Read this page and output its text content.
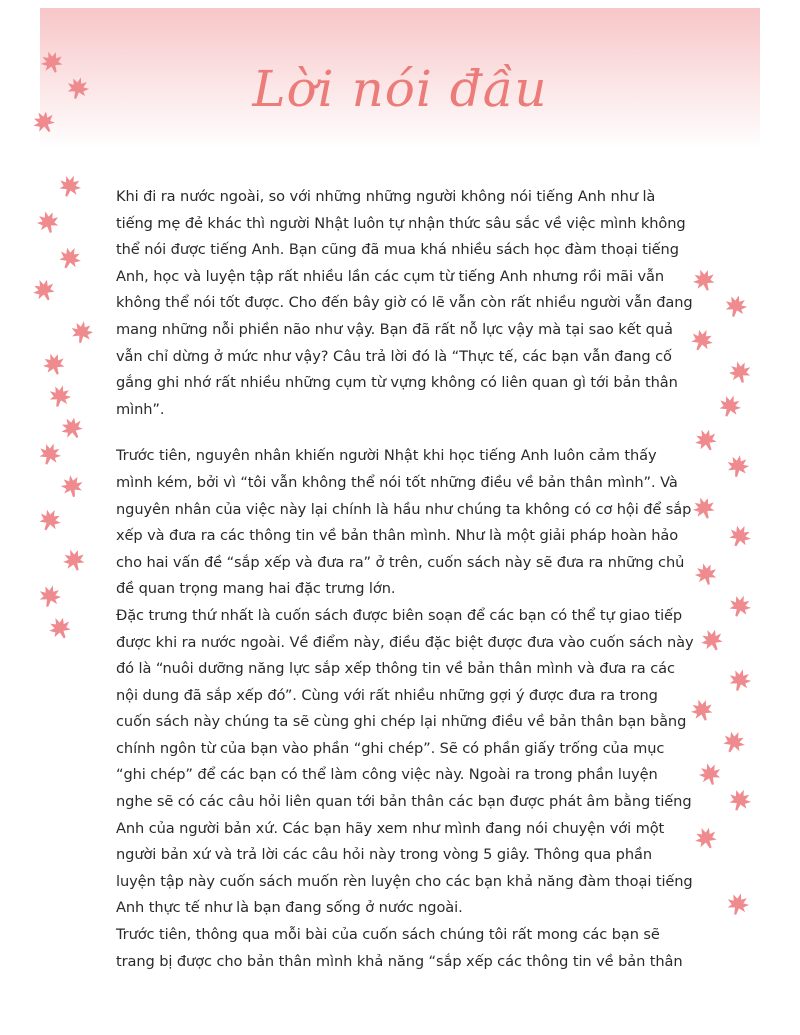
Lời nói đầu

Khi đi ra nước ngoài, so với những những người không nói tiếng Anh như là tiếng mẹ đẻ khác thì người Nhật luôn tự nhận thức sâu sắc về việc mình không thể nói được tiếng Anh. Bạn cũng đã mua khá nhiều sách học đàm thoại tiếng Anh, học và luyện tập rất nhiều lần các cụm từ tiếng Anh nhưng rồi mãi vẫn không thể nói tốt được. Cho đến bây giờ có lẽ vẫn còn rất nhiều người vẫn đang mang những nỗi phiền não như vậy. Bạn đã rất nỗ lực vậy mà tại sao kết quả vẫn chỉ dừng ở mức như vậy? Câu trả lời đó là “Thực tế, các bạn vẫn đang cố gắng ghi nhớ rất nhiều những cụm từ vựng không có liên quan gì tới bản thân mình”.

Trước tiên, nguyên nhân khiến người Nhật khi học tiếng Anh luôn cảm thấy mình kém, bởi vì “tôi vẫn không thể nói tốt những điều về bản thân mình”. Và nguyên nhân của việc này lại chính là hầu như chúng ta không có cơ hội để sắp xếp và đưa ra các thông tin về bản thân mình. Như là một giải pháp hoàn hảo cho hai vấn đề “sắp xếp và đưa ra” ở trên, cuốn sách này sẽ đưa ra những chủ đề quan trọng mang hai đặc trưng lớn.

Đặc trưng thứ nhất là cuốn sách được biên soạn để các bạn có thể tự giao tiếp được khi ra nước ngoài. Về điểm này, điều đặc biệt được đưa vào cuốn sách này đó là “nuôi dưỡng năng lực sắp xếp thông tin về bản thân mình và đưa ra các nội dung đã sắp xếp đó”. Cùng với rất nhiều những gợi ý được đưa ra trong cuốn sách này chúng ta sẽ cùng ghi chép lại những điều về bản thân bạn bằng chính ngôn từ của bạn vào phần “ghi chép”. Sẽ có phần giấy trống của mục “ghi chép” để các bạn có thể làm công việc này. Ngoài ra trong phần luyện nghe sẽ có các câu hỏi liên quan tới bản thân các bạn được phát âm bằng tiếng Anh của người bản xứ. Các bạn hãy xem như mình đang nói chuyện với một người bản xứ và trả lời các câu hỏi này trong vòng 5 giây. Thông qua phần luyện tập này cuốn sách muốn rèn luyện cho các bạn khả năng đàm thoại tiếng Anh thực tế như là bạn đang sống ở nước ngoài.

Trước tiên, thông qua mỗi bài của cuốn sách chúng tôi rất mong các bạn sẽ trang bị được cho bản thân mình khả năng “sắp xếp các thông tin về bản thân
